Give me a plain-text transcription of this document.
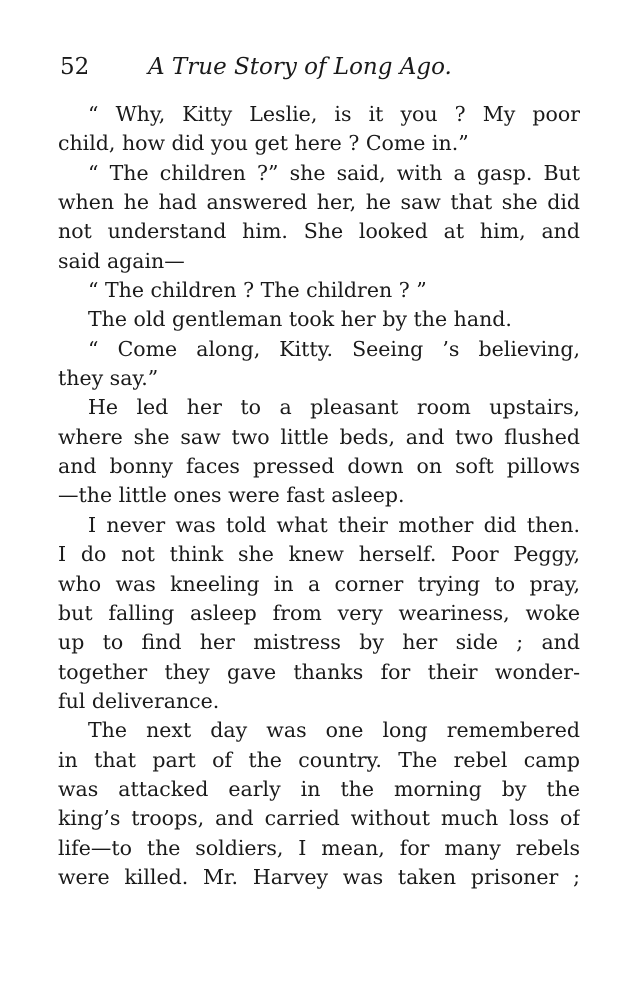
52	A True Story of Long Ago.
“ Why, Kitty Leslie, is it you ? My poor
child, how did you get here ? Come in.”
“ The children ?” she said, with a gasp. But
when he had answered her, he saw that she did
not understand him. She looked at him, and
said again—
“ The children ? The children ? ”
The old gentleman took her by the hand.
“ Come along, Kitty. Seeing ’s believing,
they say.”
He led her to a pleasant room upstairs,
where she saw two little beds, and two flushed
and bonny faces pressed down on soft pillows
—the little ones were fast asleep.
I never was told what their mother did then.
I do not think she knew herself. Poor Peggy,
who was kneeling in a corner trying to pray,
but falling asleep from very weariness, woke
up to find her mistress by her side ; and
together they gave thanks for their wonder-
ful deliverance.
The next day was one long remembered
in that part of the country. The rebel camp
was attacked early in the morning by the
king’s troops, and carried without much loss of
life—to the soldiers, I mean, for many rebels
were killed. Mr. Harvey was taken prisoner ;
